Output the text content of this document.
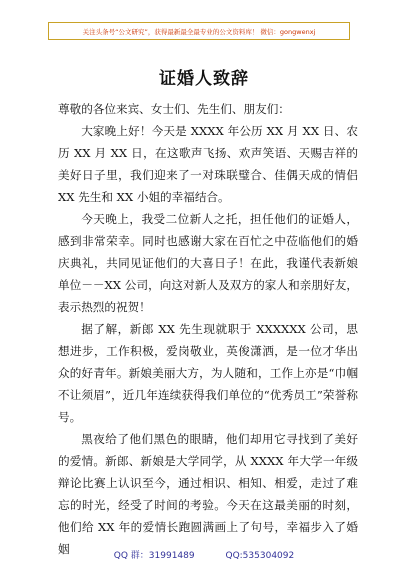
关注头条号“公文研究”，获得最新最全最专业的公文资料库！ 微信：gongwenxj
证婚人致辞

尊敬的各位来宾、女士们、先生们、朋友们：

大家晚上好！今天是 XXXX 年公历 XX 月 XX 日、农历 XX 月 XX 日，在这歌声飞扬、欢声笑语、天赐吉祥的美好日子里，我们迎来了一对珠联璧合、佳偶天成的情侣 XX 先生和 XX 小姐的幸福结合。

今天晚上，我受二位新人之托，担任他们的证婚人，感到非常荣幸。同时也感谢大家在百忙之中莅临他们的婚庆典礼，共同见证他们的大喜日子！在此，我谨代表新娘单位－－XX 公司，向这对新人及双方的家人和亲朋好友，表示热烈的祝贺！

据了解，新郎 XX 先生现就职于 XXXXXX 公司，思想进步，工作积极，爱岗敬业，英俊潇洒，是一位才华出众的好青年。新娘美丽大方，为人随和，工作上亦是“巾帼不让须眉”，近几年连续获得我们单位的“优秀员工”荣誉称号。

黑夜给了他们黑色的眼睛，他们却用它寻找到了美好的爱情。新郎、新娘是大学同学，从 XXXX 年大学一年级辩论比赛上认识至今，通过相识、相知、相爱，走过了难忘的时光，经受了时间的考验。今天在这最美丽的时刻，他们给 XX 年的爱情长跑圆满画上了句号，幸福步入了婚姻	QQ 群：31991489	QQ:535304092
